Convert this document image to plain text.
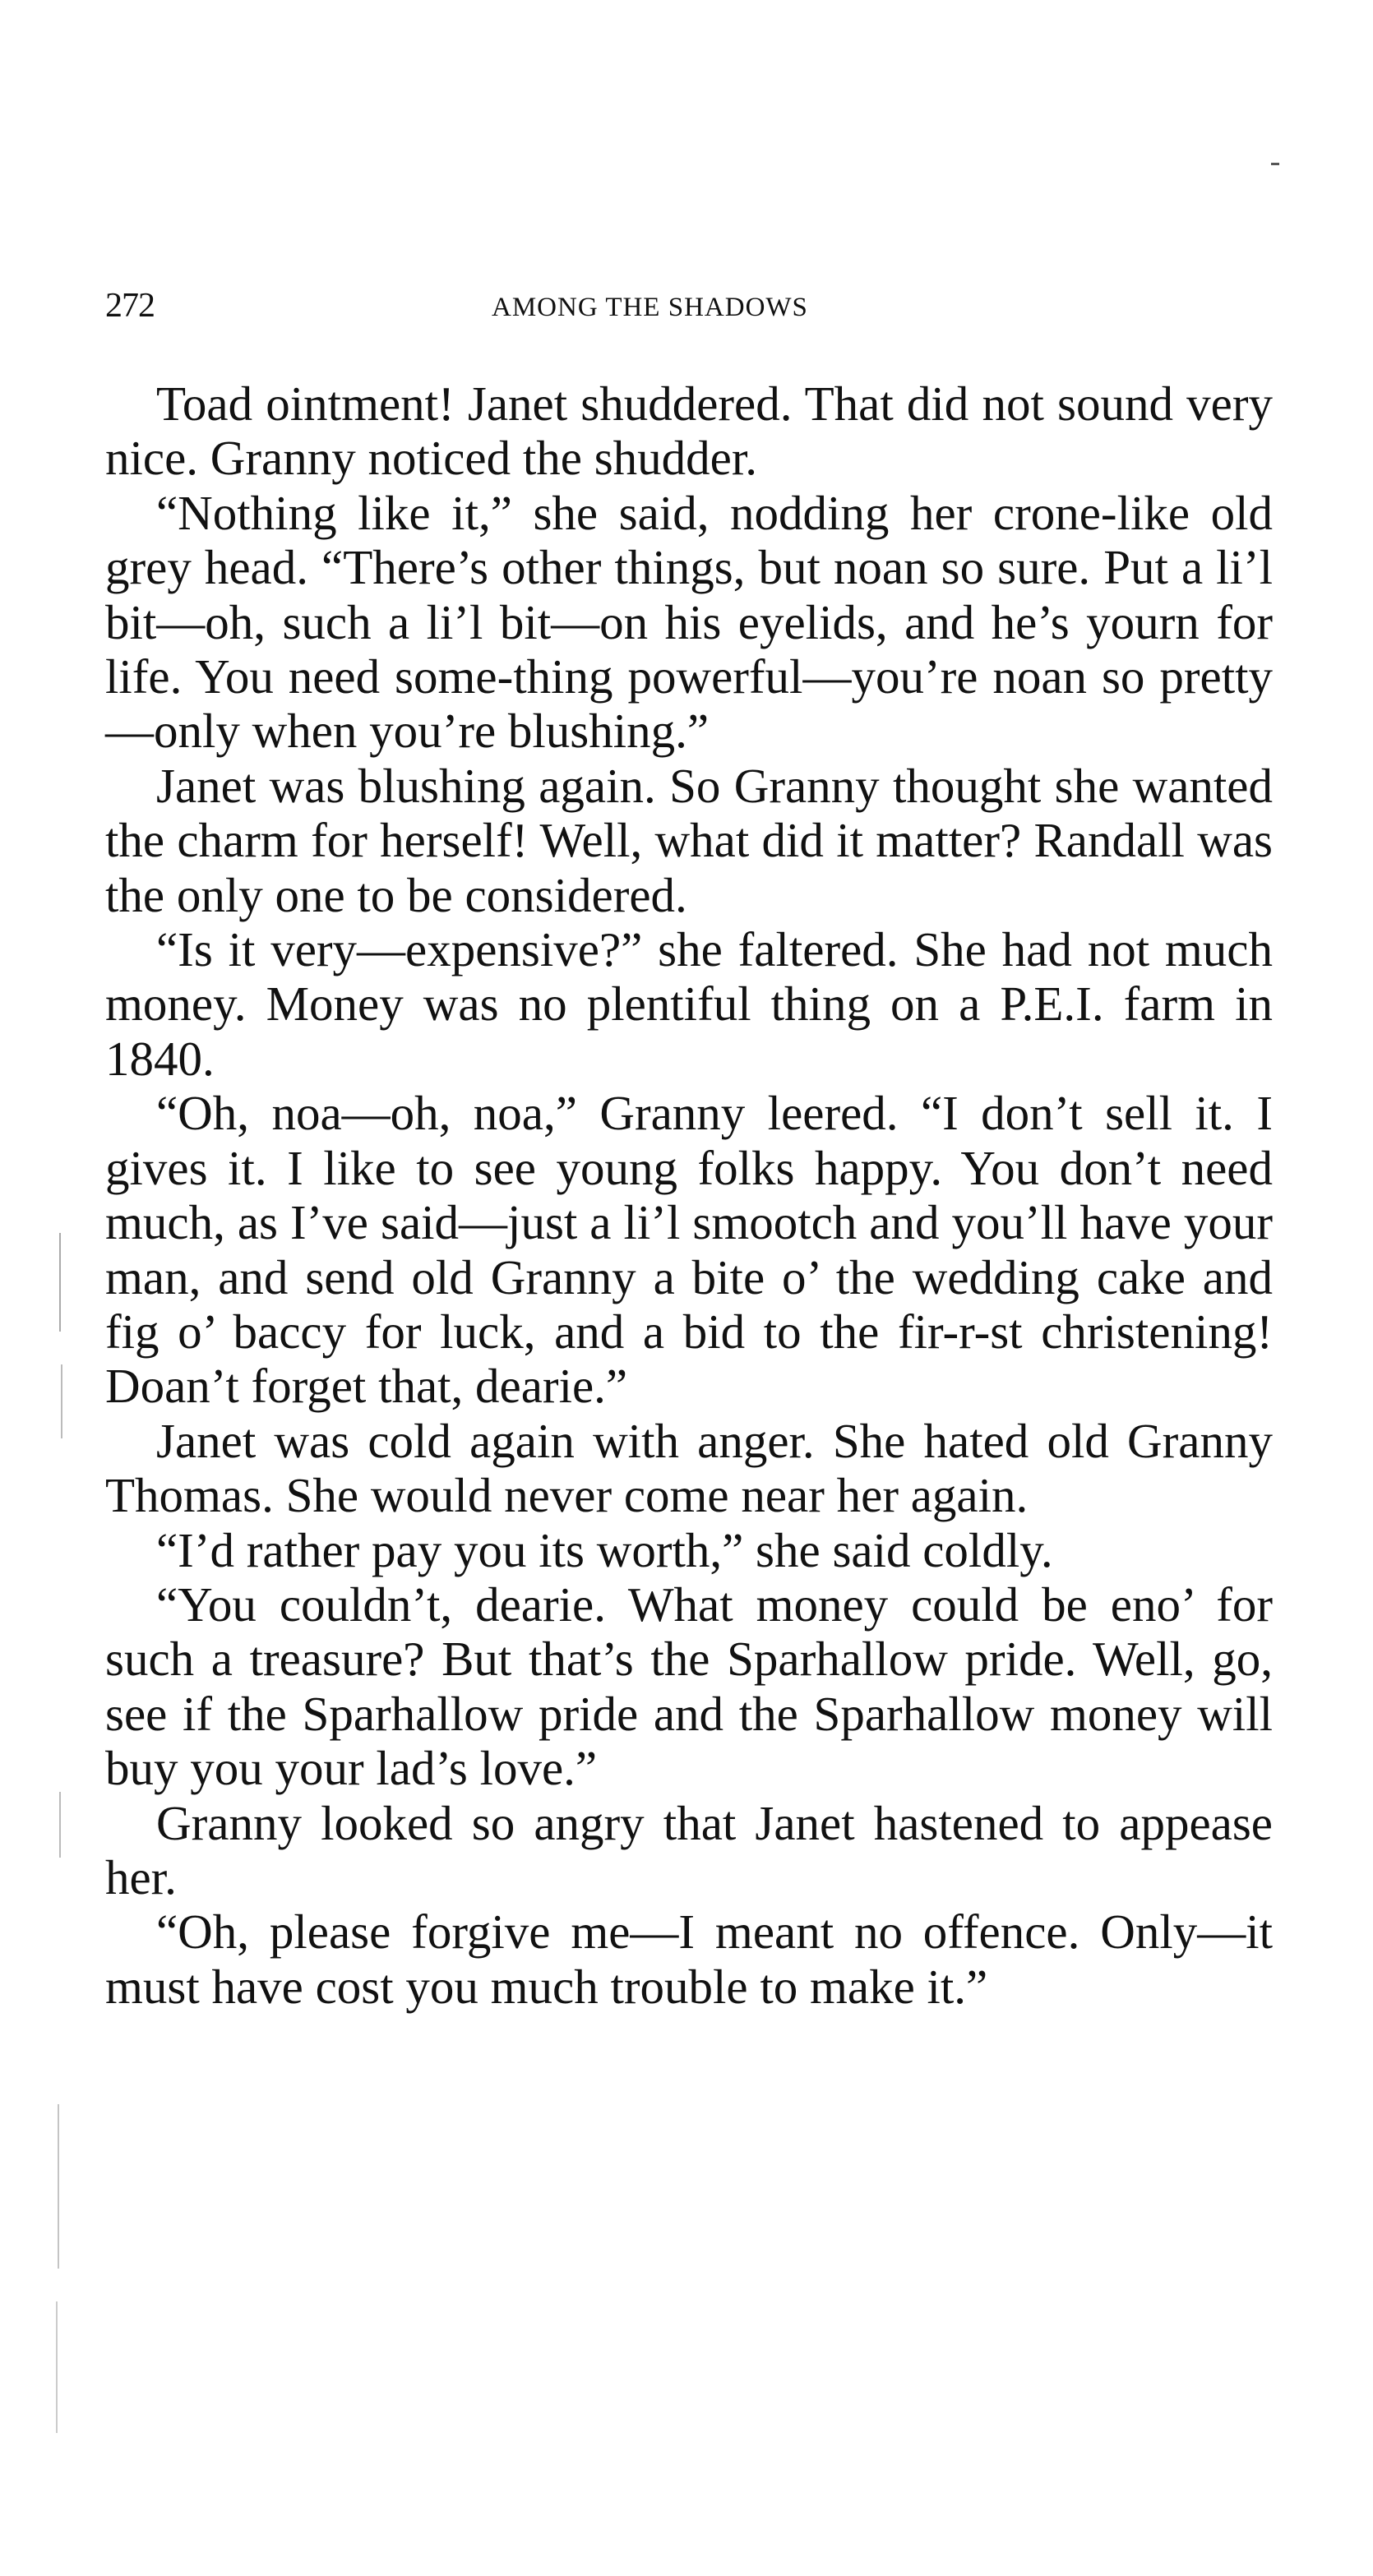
272	AMONG THE SHADOWS

Toad ointment! Janet shuddered. That did not sound very nice. Granny noticed the shudder.

“Nothing like it,” she said, nodding her crone-like old grey head. “There’s other things, but noan so sure. Put a li’l bit—oh, such a li’l bit—on his eyelids, and he’s yourn for life. You need some-thing powerful—you’re noan so pretty—only when you’re blushing.”

Janet was blushing again. So Granny thought she wanted the charm for herself! Well, what did it matter? Randall was the only one to be considered.

“Is it very—expensive?” she faltered. She had not much money. Money was no plentiful thing on a P.E.I. farm in 1840.

“Oh, noa—oh, noa,” Granny leered. “I don’t sell it. I gives it. I like to see young folks happy. You don’t need much, as I’ve said—just a li’l smootch and you’ll have your man, and send old Granny a bite o’ the wedding cake and fig o’ baccy for luck, and a bid to the fir-r-st christening! Doan’t forget that, dearie.”

Janet was cold again with anger. She hated old Granny Thomas. She would never come near her again.

“I’d rather pay you its worth,” she said coldly.

“You couldn’t, dearie. What money could be eno’ for such a treasure? But that’s the Sparhallow pride. Well, go, see if the Sparhallow pride and the Sparhallow money will buy you your lad’s love.”

Granny looked so angry that Janet hastened to appease her.

“Oh, please forgive me—I meant no offence. Only—it must have cost you much trouble to make it.”
